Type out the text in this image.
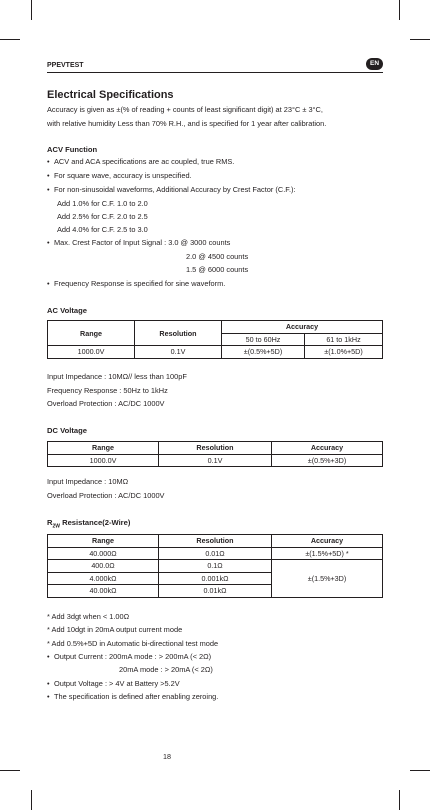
PPEVTEST	EN
Electrical Specifications
Accuracy is given as ±(% of reading + counts of least significant digit) at 23°C ± 3°C,
with relative humidity Less than 70% R.H., and is specified for 1 year after calibration.
ACV Function
• ACV and ACA specifications are ac coupled, true RMS.
• For square wave, accuracy is unspecified.
• For non-sinusoidal waveforms, Additional Accuracy by Crest Factor (C.F.):
Add 1.0% for C.F. 1.0 to 2.0
Add 2.5% for C.F. 2.0 to 2.5
Add 4.0% for C.F. 2.5 to 3.0
• Max. Crest Factor of Input Signal : 3.0 @ 3000 counts
2.0 @ 4500 counts
1.5 @ 6000 counts
• Frequency Response is specified for sine waveform.
AC Voltage
Range	Resolution	Accuracy	
		50 to 60Hz	61 to 1kHz
1000.0V	0.1V	±(0.5%+5D)	±(1.0%+5D)
Input Impedance : 10MΩ// less than 100pF
Frequency Response : 50Hz to 1kHz
Overload Protection : AC/DC 1000V
DC Voltage
Range	Resolution	Accuracy
1000.0V	0.1V	±(0.5%+3D)
Input Impedance : 10MΩ
Overload Protection : AC/DC 1000V
$R_{2W}$ Resistance(2-Wire)
Range	Resolution	Accuracy
40.000Ω	0.01Ω	±(1.5%+5D) *
400.0Ω	0.1Ω	±(1.5%+3D)
4.000kΩ	0.001kΩ	
40.00kΩ	0.01kΩ	
* Add 3dgt when < 1.00Ω
* Add 10dgt in 20mA output current mode
* Add 0.5%+5D in Automatic bi-directional test mode
• Output Current : 200mA mode : > 200mA (< 2Ω)
20mA mode : > 20mA (< 2Ω)
• Output Voltage : > 4V at Battery >5.2V
• The specification is defined after enabling zeroing.
18
